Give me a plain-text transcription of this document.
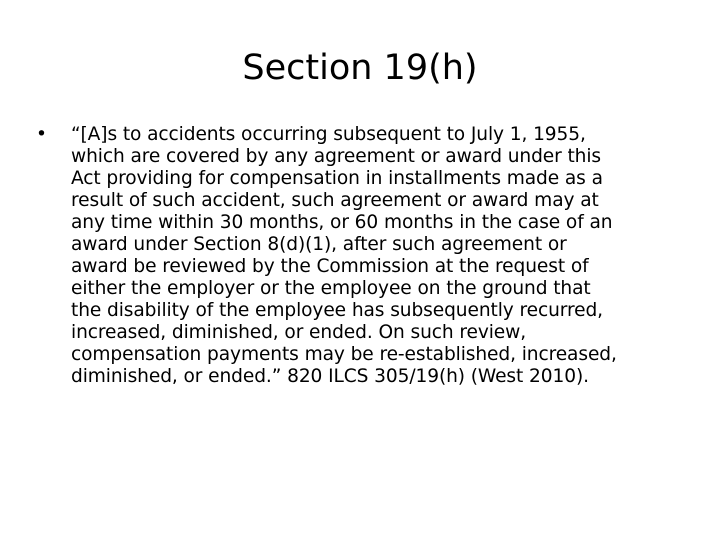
Section 19(h)
• “[A]s to accidents occurring subsequent to July 1, 1955,
which are covered by any agreement or award under this
Act providing for compensation in installments made as a
result of such accident, such agreement or award may at
any time within 30 months, or 60 months in the case of an
award under Section 8(d)(1), after such agreement or
award be reviewed by the Commission at the request of
either the employer or the employee on the ground that
the disability of the employee has subsequently recurred,
increased, diminished, or ended. On such review,
compensation payments may be re-established, increased,
diminished, or ended.” 820 ILCS 305/19(h) (West 2010).
